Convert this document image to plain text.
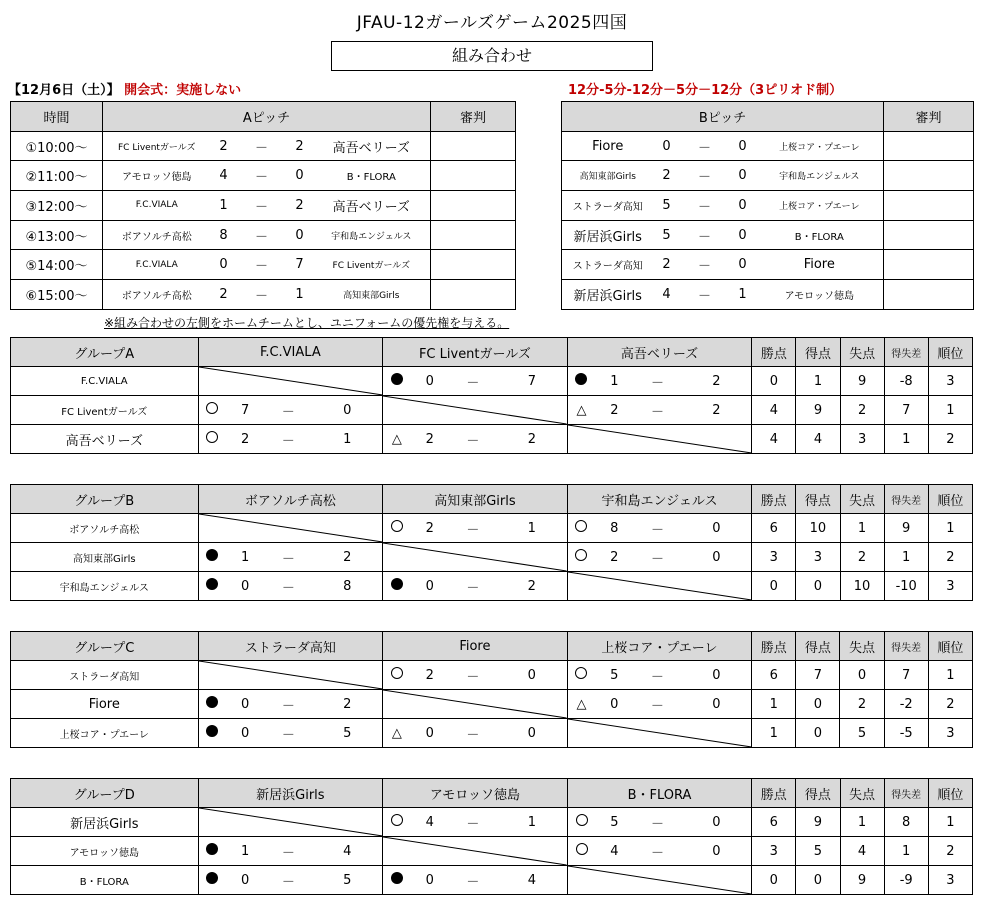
JFAU-12ガールズゲーム2025四国
組み合わせ
【12月6日（土）】 開会式：実施しない	12分-5分-12分－5分－12分（3ピリオド制）
時間	Aピッチ					審判
①10:00～	FC Liventガールズ	2	－	2	高吾ベリーズ	
②11:00～	アモロッソ徳島	4	－	0	B・FLORA	
③12:00～	F.C.VIALA	1	－	2	高吾ベリーズ	
④13:00～	ボアソルチ高松	8	－	0	宇和島エンジェルス	
⑤14:00～	F.C.VIALA	0	－	7	FC Liventガールズ	
⑥15:00～	ボアソルチ高松	2	－	1	高知東部Girls	
Bピッチ					審判
Fiore	0	－	0	上桜コア・プエーレ	
高知東部Girls	2	－	0	宇和島エンジェルス	
ストラーダ高知	5	－	0	上桜コア・プエーレ	
新居浜Girls	5	－	0	B・FLORA	
ストラーダ高知	2	－	0	Fiore	
新居浜Girls	4	－	1	アモロッソ徳島	
※組み合わせの左側をホームチームとし、ユニフォームの優先権を与える。
グループA	F.C.VIALA				FC Liventガールズ				高吾ベリーズ				勝点	得点	失点	得失差	順位
F.C.VIALA						0	－	7		1	－	2	0	1	9	-8	3
FC Liventガールズ		7	－	0					△	2	－	2	4	9	2	7	1
高吾ベリーズ		2	－	1	△	2	－	2					4	4	3	1	2
グループB	ボアソルチ高松				高知東部Girls				宇和島エンジェルス				勝点	得点	失点	得失差	順位
ボアソルチ高松						2	－	1		8	－	0	6	10	1	9	1
高知東部Girls		1	－	2						2	－	0	3	3	2	1	2
宇和島エンジェルス		0	－	8		0	－	2					0	0	10	-10	3
グループC	ストラーダ高知				Fiore				上桜コア・プエーレ				勝点	得点	失点	得失差	順位
ストラーダ高知						2	－	0		5	－	0	6	7	0	7	1
Fiore		0	－	2					△	0	－	0	1	0	2	-2	2
上桜コア・プエーレ		0	－	5	△	0	－	0					1	0	5	-5	3
グループD	新居浜Girls				アモロッソ徳島				B・FLORA				勝点	得点	失点	得失差	順位
新居浜Girls						4	－	1		5	－	0	6	9	1	8	1
アモロッソ徳島		1	－	4						4	－	0	3	5	4	1	2
B・FLORA		0	－	5		0	－	4					0	0	9	-9	3
